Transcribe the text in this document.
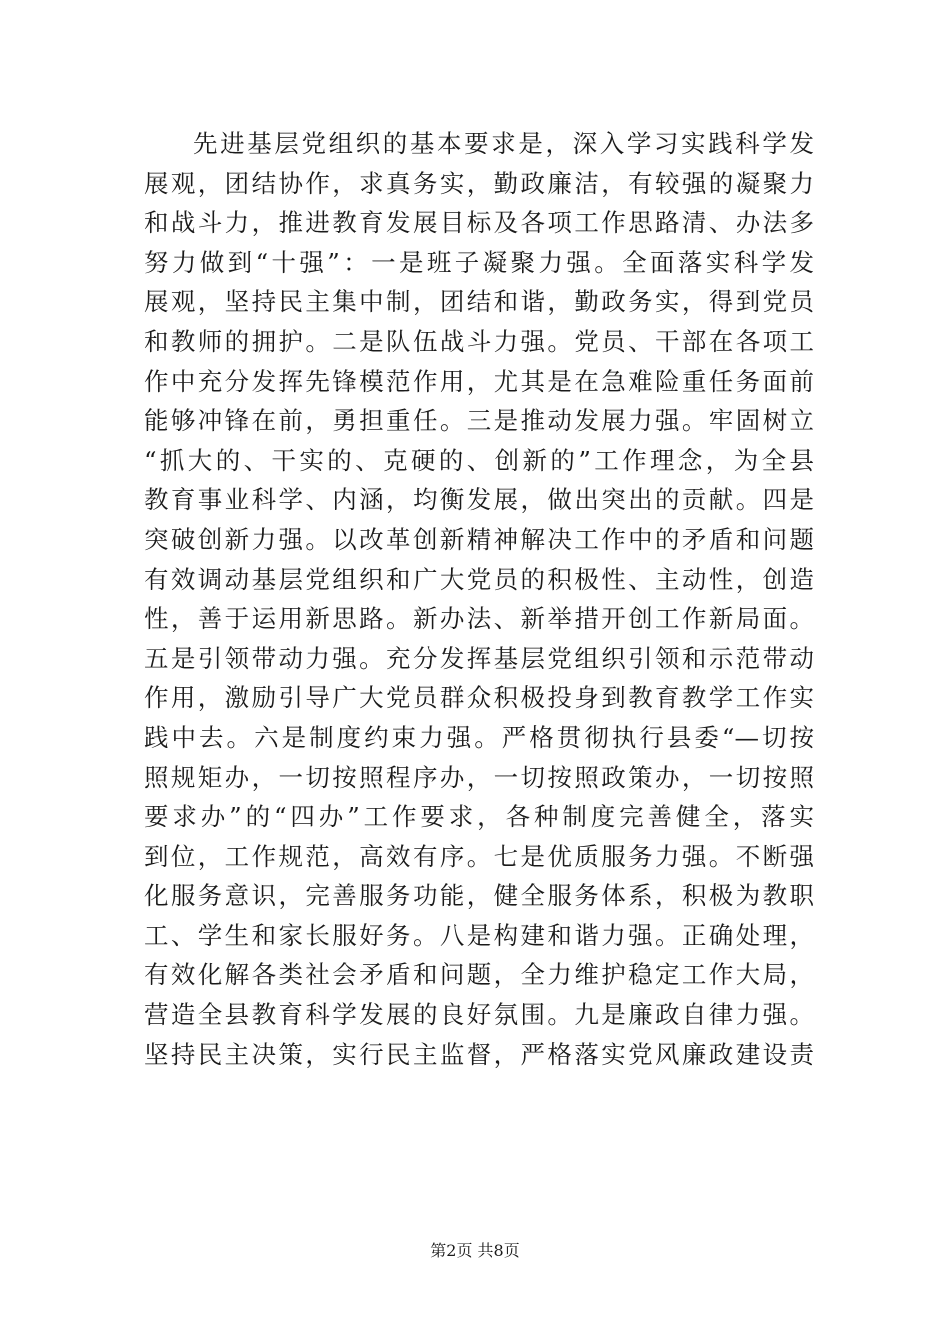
先进基层党组织的基本要求是，深入学习实践科学发
展观，团结协作，求真务实，勤政廉洁，有较强的凝聚力
和战斗力，推进教育发展目标及各项工作思路清、办法多
努力做到“十强”：一是班子凝聚力强。全面落实科学发
展观，坚持民主集中制，团结和谐，勤政务实，得到党员
和教师的拥护。二是队伍战斗力强。党员、干部在各项工
作中充分发挥先锋模范作用，尤其是在急难险重任务面前
能够冲锋在前，勇担重任。三是推动发展力强。牢固树立
“抓大的、干实的、克硬的、创新的”工作理念，为全县
教育事业科学、内涵，均衡发展，做出突出的贡献。四是
突破创新力强。以改革创新精神解决工作中的矛盾和问题
有效调动基层党组织和广大党员的积极性、主动性，创造
性，善于运用新思路。新办法、新举措开创工作新局面。
五是引领带动力强。充分发挥基层党组织引领和示范带动
作用，激励引导广大党员群众积极投身到教育教学工作实
践中去。六是制度约束力强。严格贯彻执行县委“—切按
照规矩办，一切按照程序办，一切按照政策办，一切按照
要求办”的“四办”工作要求，各种制度完善健全，落实
到位，工作规范，高效有序。七是优质服务力强。不断强
化服务意识，完善服务功能，健全服务体系，积极为教职
工、学生和家长服好务。八是构建和谐力强。正确处理，
有效化解各类社会矛盾和问题，全力维护稳定工作大局，
营造全县教育科学发展的良好氛围。九是廉政自律力强。
坚持民主决策，实行民主监督，严格落实党风廉政建设责
第2页 共8页
